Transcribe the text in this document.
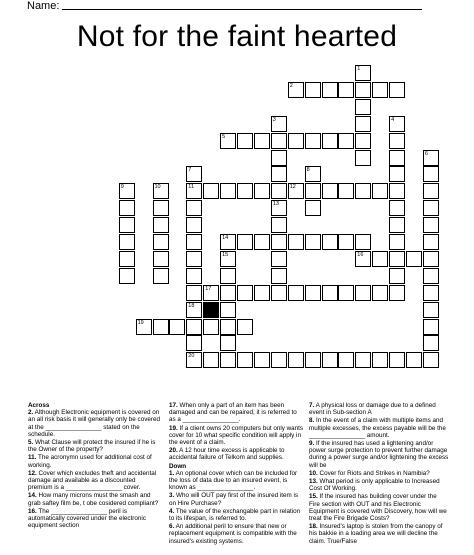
Name:
Not for the faint hearted
1
2
3
13
4
5
6
7
11
8
9	10	12
14
15	16
17
18
19
20
Across
2. Although Electronic equipment is covered on an all risk basis it will generally only be covered at the ________________ stated on the schedule.
5. What Clause will protect the insured if he is the Owner of the property?
11. The acronymn used for additional cost of working.
12. Cover which excludes theft and accidental damage and available as a discounted premium is a ________________ cover.
14. How many microns must the smash and grab saftey film be, t obe cosidered compliant?
16. The ________________ peril is automatically covered under the electronic equipment section
17. When only a part of an item has been damaged and can be repaired, it is referred to as a ________________.
19. If a client owns 20 computers but only wants cover for 10 what specific condition will apply in the event of a claim.
20. A 12 hour time excess is applicable to accidental failure of Telkom and supplies.
Down
1. An optional cover which can be included for the loss of data due to an insured event, is known as ________________.
3. Who will OUT pay first of the insured item is on Hire Purchase?
4. The value of the exchangable part in relation to its lifespan, is referred to.
6. An additional peril to ensure that new or replacement equipment is compatible with the insured's existing systems.
7. A physical loss or damage due to a defined event in Sub-section A
8. In the event of a claim with multiple items and multiple excesses, the excess payable will be the ________________ amount.
9. If the insured has used a lightening and/or power surge protection to prevent further damage during a power surge and/or lightening the excess will be
10. Cover for Riots and Strikes in Namibia?
13. What period is only applicable to Increased Cost Of Working.
15. If the insured has building cover under the Fire section with OUT and his Electronic Equipment is covered with Discovery, how will we treat the Fire Brigade Costs?
18. Insured's laptop is stolen from the canopy of his bakkie in a loading area we will decline the claim. True/False
